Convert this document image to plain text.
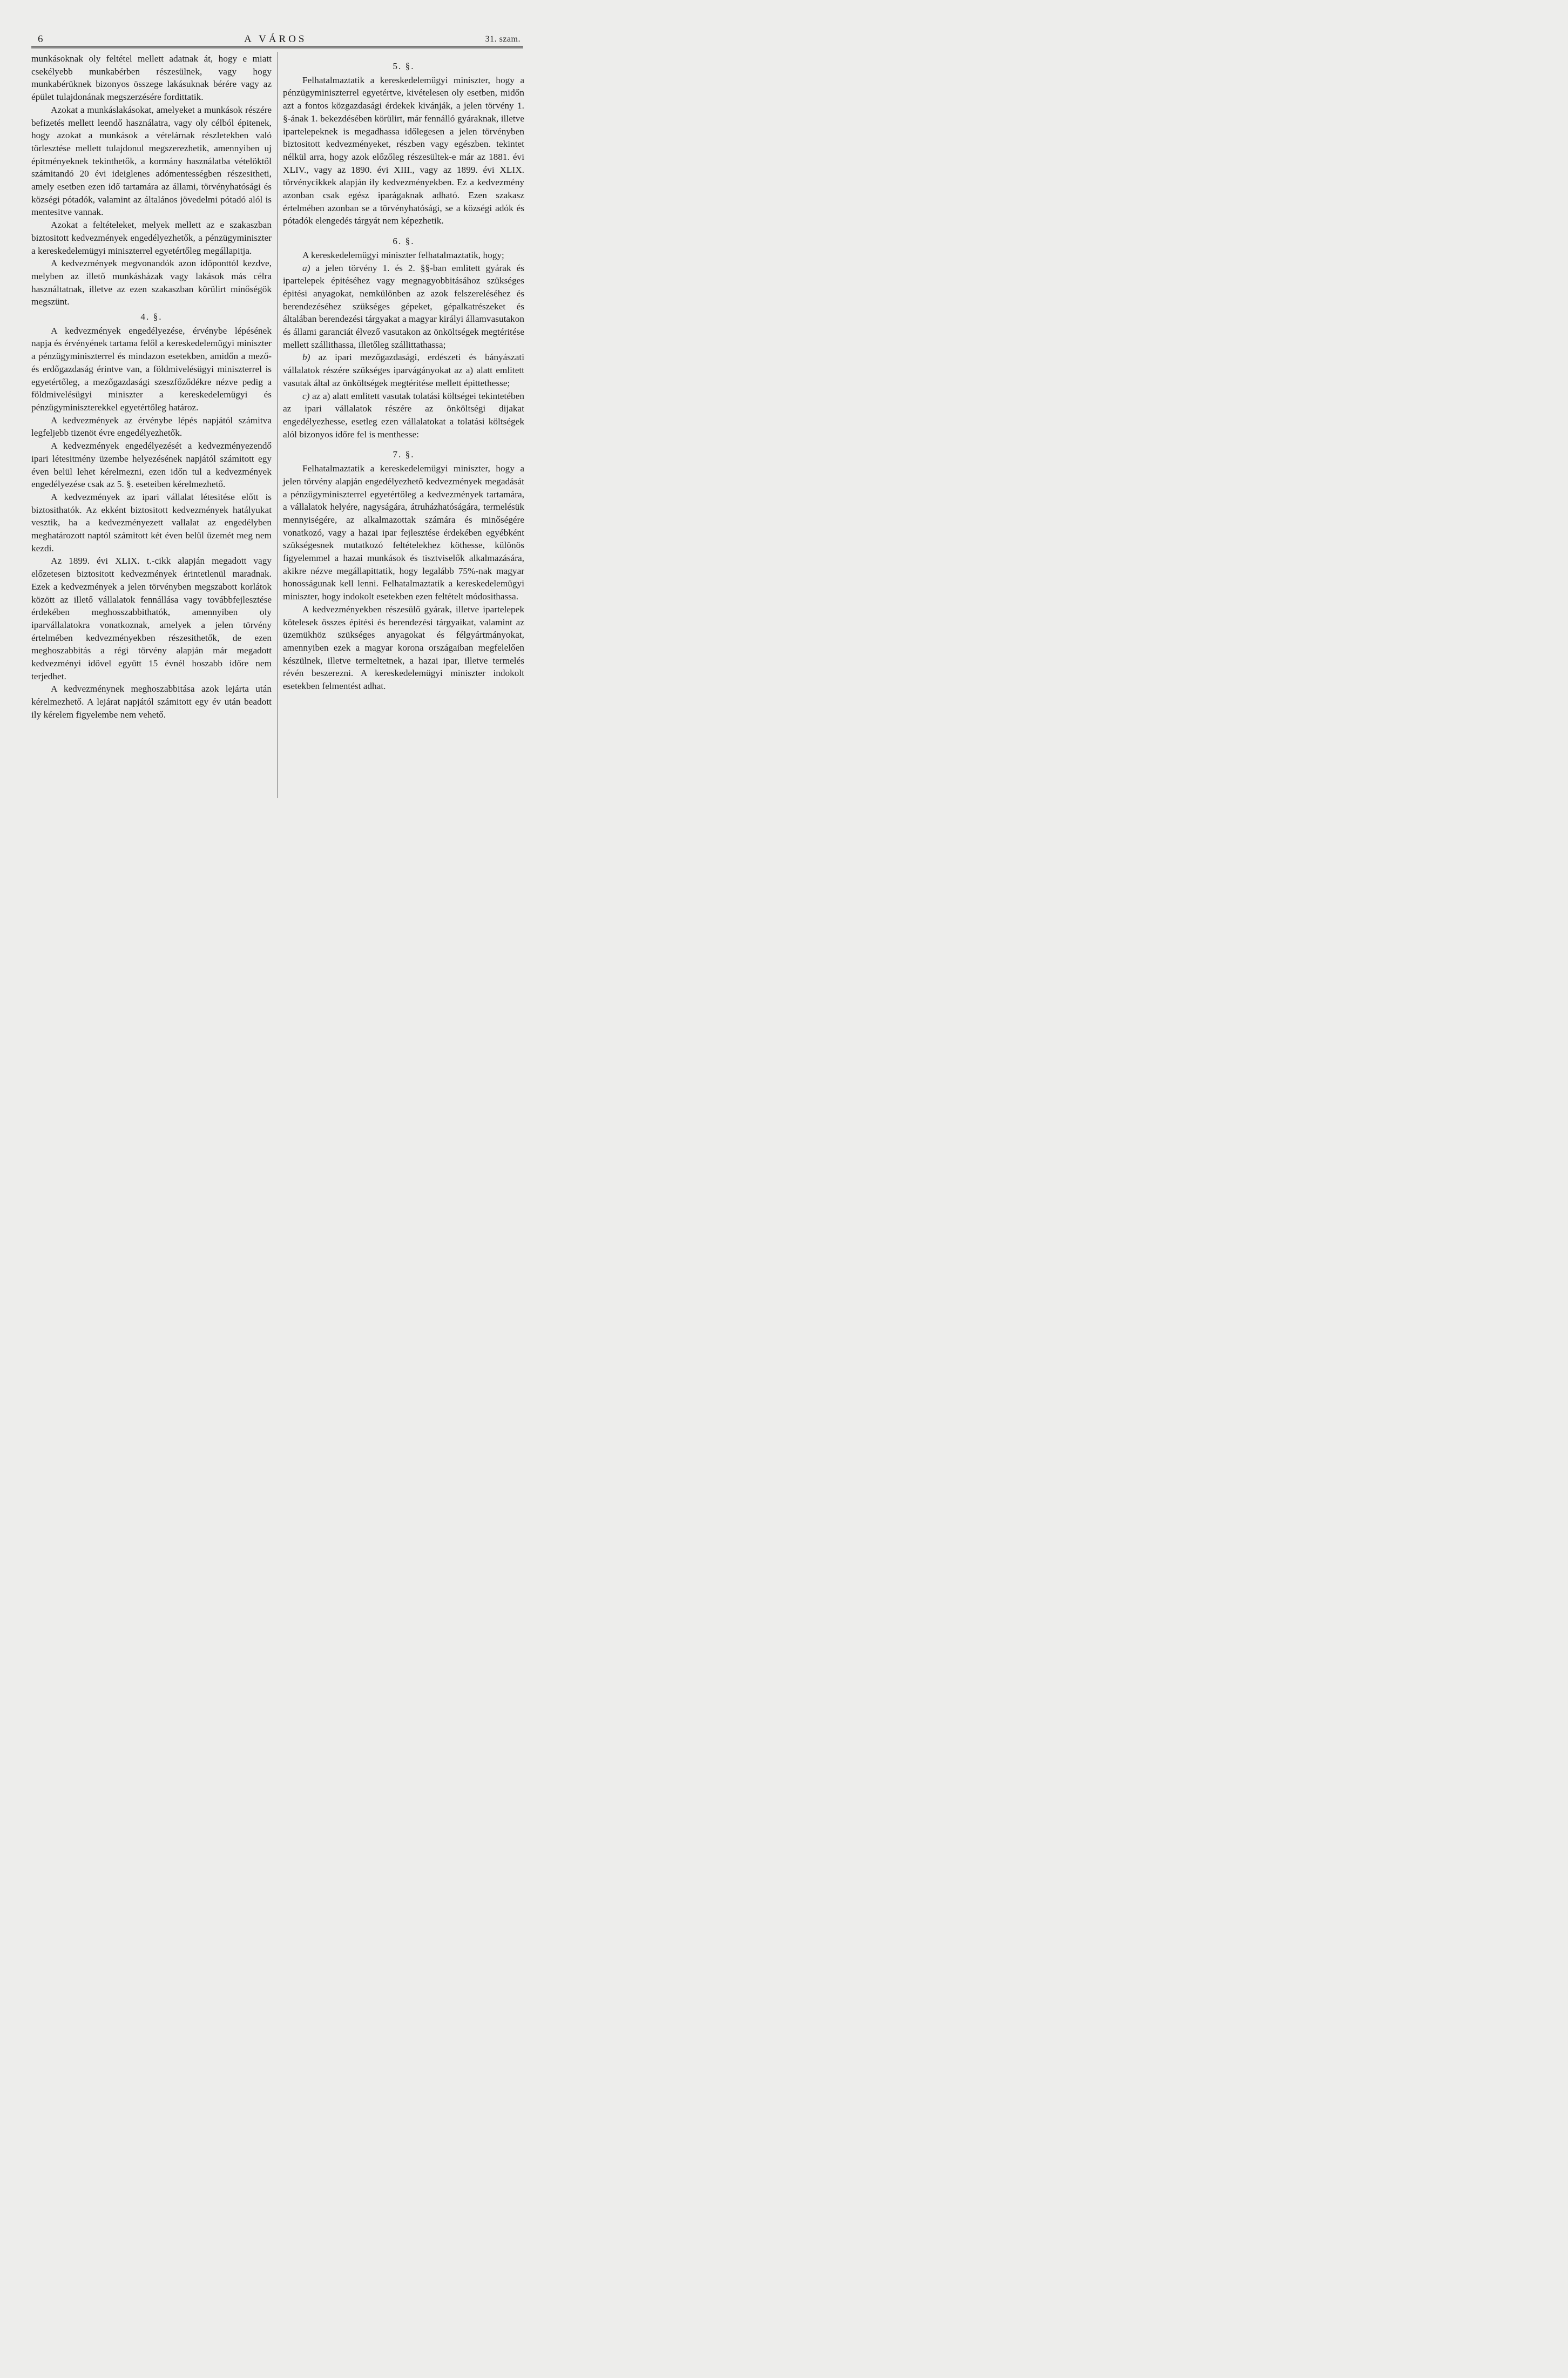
6	A VÁROS	31. szam.

munkásoknak oly feltétel mellett adatnak át, hogy e miatt csekélyebb munkabérben részesülnek, vagy hogy munkabérüknek bizonyos összege lakásuknak bérére vagy az épület tulajdonának megszerzésére fordittatik.

Azokat a munkáslakásokat, amelyeket a munkások részére befizetés mellett leendő használatra, vagy oly célból épitenek, hogy azokat a munkások a vételárnak részletekben való törlesztése mellett tulajdonul megszerezhetik, amennyiben uj épitményeknek tekinthetők, a kormány használatba vételöktől számitandó 20 évi ideiglenes adómentességben részesitheti, amely esetben ezen idő tartamára az állami, törvényhatósági és községi pótadók, valamint az általános jövedelmi pótadó alól is mentesitve vannak.

Azokat a feltételeket, melyek mellett az e szakaszban biztositott kedvezmények engedélyezhetők, a pénzügyminiszter a kereskedelemügyi miniszterrel egyetértőleg megállapitja.

A kedvezmények megvonandók azon időponttól kezdve, melyben az illető munkásházak vagy lakások más célra használtatnak, illetve az ezen szakaszban körülirt minőségök megszünt.

4. §.

A kedvezmények engedélyezése, érvénybe lépésének napja és érvényének tartama felől a kereskedelemügyi miniszter a pénzügyminiszterrel és mindazon esetekben, amidőn a mező- és erdőgazdaság érintve van, a földmivelésügyi miniszterrel is egyetértőleg, a mezőgazdasági szeszfőződékre nézve pedig a földmivelésügyi miniszter a kereskedelemügyi és pénzügyminiszterekkel egyetértőleg határoz.

A kedvezmények az érvénybe lépés napjától számitva legfeljebb tizenöt évre engedélyezhetők.

A kedvezmények engedélyezését a kedvezményezendő ipari létesitmény üzembe helyezésének napjától számitott egy éven belül lehet kérelmezni, ezen időn tul a kedvezmények engedélyezése csak az 5. §. eseteiben kérelmezhető.

A kedvezmények az ipari vállalat létesitése előtt is biztosithatók. Az ekként biztositott kedvezmények hatályukat vesztik, ha a kedvezményezett vallalat az engedélyben meghatározott naptól számitott két éven belül üzemét meg nem kezdi.

Az 1899. évi XLIX. t.-cikk alapján megadott vagy előzetesen biztositott kedvezmények érintetlenül maradnak. Ezek a kedvezmények a jelen törvényben megszabott korlátok között az illető vállalatok fennállása vagy továbbfejlesztése érdekében meghosszabbithatók, amennyiben oly iparvállalatokra vonatkoznak, amelyek a jelen törvény értelmében kedvezményekben részesithetők, de ezen meghoszabbitás a régi törvény alapján már megadott kedvezményi idővel együtt 15 évnél hoszabb időre nem terjedhet.

A kedvezménynek meghoszabbitása azok lejárta után kérelmezhető. A lejárat napjától számitott egy év után beadott ily kérelem figyelembe nem vehető.

5. §.

Felhatalmaztatik a kereskedelemügyi miniszter, hogy a pénzügyminiszterrel egyetértve, kivételesen oly esetben, midőn azt a fontos közgazdasági érdekek kivánják, a jelen törvény 1. §-ának 1. bekezdésében körülirt, már fennálló gyáraknak, illetve ipartelepeknek is megadhassa időlegesen a jelen törvényben biztositott kedvezményeket, részben vagy egészben. tekintet nélkül arra, hogy azok előzőleg részesültek-e már az 1881. évi XLIV., vagy az 1890. évi XIII., vagy az 1899. évi XLIX. törvénycikkek alapján ily kedvezményekben. Ez a kedvezmény azonban csak egész iparágaknak adható. Ezen szakasz értelmében azonban se a törvényhatósági, se a községi adók és pótadók elengedés tárgyát nem képezhetik.

6. §.

A kereskedelemügyi miniszter felhatalmaztatik, hogy;

a) a jelen törvény 1. és 2. §§-ban emlitett gyárak és ipartelepek épitéséhez vagy megnagyobbitásához szükséges épitési anyagokat, nemkülönben az azok felszereléséhez és berendezéséhez szükséges gépeket, gépalkatrészeket és általában berendezési tárgyakat a magyar királyi államvasutakon és állami garanciát élvező vasutakon az önköltségek megtéritése mellett szállithassa, illetőleg szállittathassa;

b) az ipari mezőgazdasági, erdészeti és bányászati vállalatok részére szükséges iparvágányokat az a) alatt emlitett vasutak által az önköltségek megtéritése mellett épittethesse;

c) az a) alatt emlitett vasutak tolatási költségei tekintetében az ipari vállalatok részére az önköltségi dijakat engedélyezhesse, esetleg ezen vállalatokat a tolatási költségek alól bizonyos időre fel is menthesse:

7. §.

Felhatalmaztatik a kereskedelemügyi miniszter, hogy a jelen törvény alapján engedélyezhető kedvezmények megadását a pénzügyminiszterrel egyetértőleg a kedvezmények tartamára, a vállalatok helyére, nagyságára, átruházhatóságára, termelésük mennyiségére, az alkalmazottak számára és minőségére vonatkozó, vagy a hazai ipar fejlesztése érdekében egyébként szükségesnek mutatkozó feltételekhez köthesse, különös figyelemmel a hazai munkások és tisztviselők alkalmazására, akikre nézve megállapittatik, hogy legalább 75%-nak magyar honosságunak kell lenni. Felhatalmaztatik a kereskedelemügyi miniszter, hogy indokolt esetekben ezen feltételt módosithassa.

A kedvezményekben részesülő gyárak, illetve ipartelepek kötelesek összes épitési és berendezési tárgyaikat, valamint az üzemükhöz szükséges anyagokat és félgyártmányokat, amennyiben ezek a magyar korona országaiban megfelelően készülnek, illetve termeltetnek, a hazai ipar, illetve termelés révén beszerezni. A kereskedelemügyi miniszter indokolt esetekben felmentést adhat.
